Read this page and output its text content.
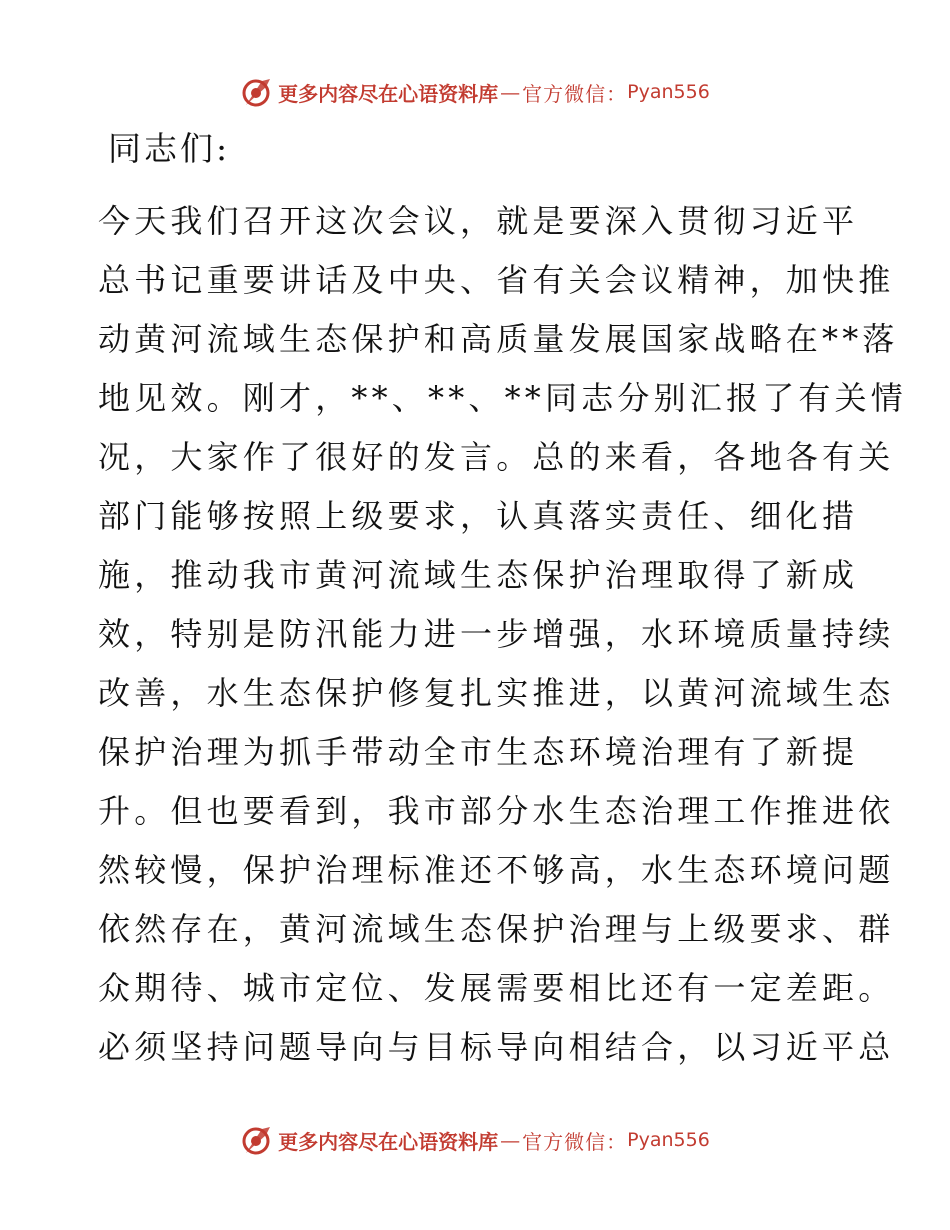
更多内容尽在心语资料库 — 官方微信： Pyan556
同志们:
今天我们召开这次会议，就是要深入贯彻习近平
总书记重要讲话及中央、省有关会议精神，加快推
动黄河流域生态保护和高质量发展国家战略在**落
地见效。刚才，**、**、**同志分别汇报了有关情
况，大家作了很好的发言。总的来看，各地各有关
部门能够按照上级要求，认真落实责任、细化措
施，推动我市黄河流域生态保护治理取得了新成
效，特别是防汛能力进一步增强，水环境质量持续
改善，水生态保护修复扎实推进，以黄河流域生态
保护治理为抓手带动全市生态环境治理有了新提
升。但也要看到，我市部分水生态治理工作推进依
然较慢，保护治理标准还不够高，水生态环境问题
依然存在，黄河流域生态保护治理与上级要求、群
众期待、城市定位、发展需要相比还有一定差距。
必须坚持问题导向与目标导向相结合，以习近平总
更多内容尽在心语资料库 — 官方微信： Pyan556
